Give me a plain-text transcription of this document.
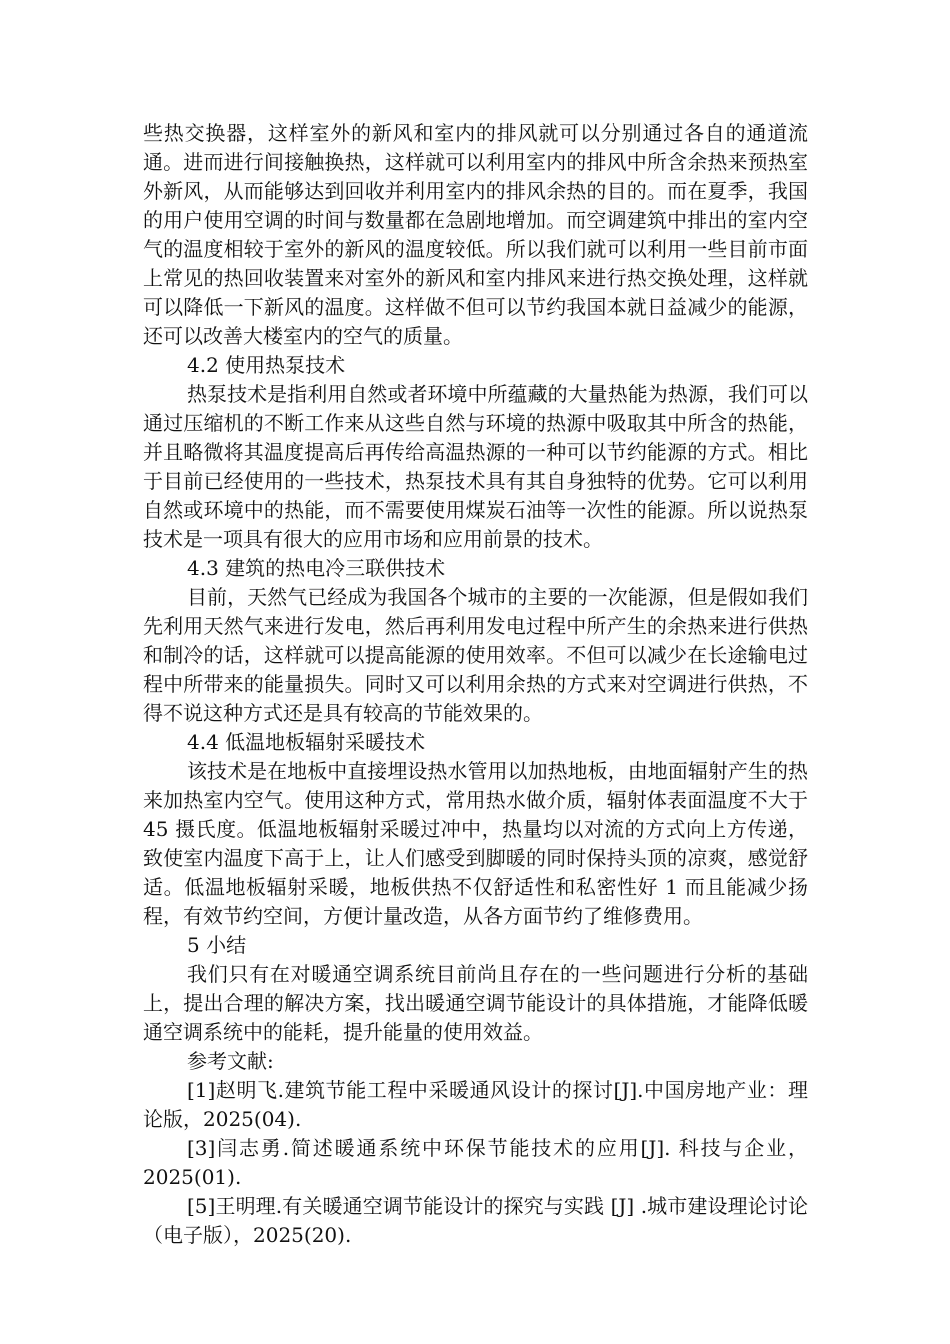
些热交换器，这样室外的新风和室内的排风就可以分别通过各自的通道流通。进而进行间接触换热，这样就可以利用室内的排风中所含余热来预热室外新风，从而能够达到回收并利用室内的排风余热的目的。而在夏季，我国的用户使用空调的时间与数量都在急剧地增加。而空调建筑中排出的室内空气的温度相较于室外的新风的温度较低。所以我们就可以利用一些目前市面上常见的热回收装置来对室外的新风和室内排风来进行热交换处理，这样就可以降低一下新风的温度。这样做不但可以节约我国本就日益减少的能源，还可以改善大楼室内的空气的质量。

4.2 使用热泵技术

热泵技术是指利用自然或者环境中所蕴藏的大量热能为热源，我们可以通过压缩机的不断工作来从这些自然与环境的热源中吸取其中所含的热能，并且略微将其温度提高后再传给高温热源的一种可以节约能源的方式。相比于目前已经使用的一些技术，热泵技术具有其自身独特的优势。它可以利用自然或环境中的热能，而不需要使用煤炭石油等一次性的能源。所以说热泵技术是一项具有很大的应用市场和应用前景的技术。

4.3 建筑的热电冷三联供技术

目前，天然气已经成为我国各个城市的主要的一次能源，但是假如我们先利用天然气来进行发电，然后再利用发电过程中所产生的余热来进行供热和制冷的话，这样就可以提高能源的使用效率。不但可以减少在长途输电过程中所带来的能量损失。同时又可以利用余热的方式来对空调进行供热，不得不说这种方式还是具有较高的节能效果的。

4.4 低温地板辐射采暖技术

该技术是在地板中直接埋设热水管用以加热地板，由地面辐射产生的热来加热室内空气。使用这种方式，常用热水做介质，辐射体表面温度不大于 45 摄氏度。低温地板辐射采暖过冲中，热量均以对流的方式向上方传递，致使室内温度下高于上，让人们感受到脚暖的同时保持头顶的凉爽，感觉舒适。低温地板辐射采暖，地板供热不仅舒适性和私密性好 1 而且能减少扬程，有效节约空间，方便计量改造，从各方面节约了维修费用。

5 小结

我们只有在对暖通空调系统目前尚且存在的一些问题进行分析的基础上，提出合理的解决方案，找出暖通空调节能设计的具体措施，才能降低暖通空调系统中的能耗，提升能量的使用效益。

参考文献:

[1]赵明飞.建筑节能工程中采暖通风设计的探讨[J].中国房地产业：理论版，2025(04).

[3]闫志勇.简述暖通系统中环保节能技术的应用[J]. 科技与企业，2025(01).

[5]王明理.有关暖通空调节能设计的探究与实践 [J] .城市建设理论讨论（电子版），2025(20).
